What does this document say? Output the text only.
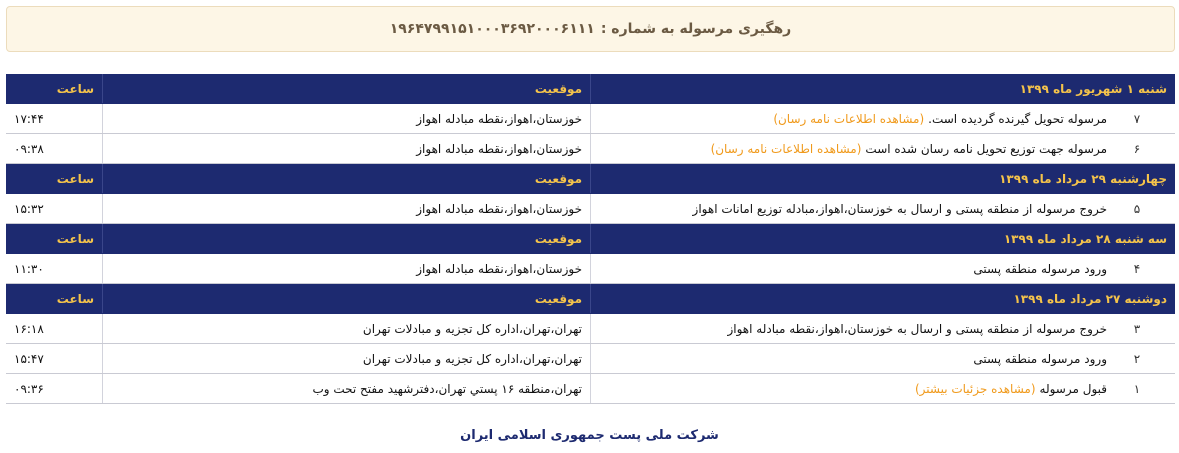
رهگیری مرسوله به شماره :
۱۹۶۴۷۹۹۱۵۱۰۰۰۳۶۹۲۰۰۰۶۱۱۱
شنبه ۱ شهریور ماه ۱۳۹۹
موقعیت
ساعت
۷
مرسوله تحویل گیرنده گردیده است.
(مشاهده اطلاعات نامه رسان)
خوزستان،اهواز،نقطه مبادله اهواز
۱۷:۴۴
۶
مرسوله جهت توزیع تحویل نامه رسان شده است
(مشاهده اطلاعات نامه رسان)
خوزستان،اهواز،نقطه مبادله اهواز
۰۹:۳۸
چهارشنبه ۲۹ مرداد ماه ۱۳۹۹
موقعیت
ساعت
۵
خروج مرسوله از منطقه پستی و ارسال به خوزستان،اهواز،مبادله توزیع امانات اهواز
خوزستان،اهواز،نقطه مبادله اهواز
۱۵:۳۲
سه شنبه ۲۸ مرداد ماه ۱۳۹۹
موقعیت
ساعت
۴
ورود مرسوله منطقه پستی
خوزستان،اهواز،نقطه مبادله اهواز
۱۱:۳۰
دوشنبه ۲۷ مرداد ماه ۱۳۹۹
موقعیت
ساعت
۳
خروج مرسوله از منطقه پستی و ارسال به خوزستان،اهواز،نقطه مبادله اهواز
تهران،تهران،اداره کل تجزیه و مبادلات تهران
۱۶:۱۸
۲
ورود مرسوله منطقه پستی
تهران،تهران،اداره کل تجزیه و مبادلات تهران
۱۵:۴۷
۱
قبول مرسوله
(مشاهده جزئیات بیشتر)
تهران،منطقه ۱۶ پستي تهران،دفترشهید مفتح تحت وب
۰۹:۳۶
شرکت ملی پست جمهوری اسلامی ایران
